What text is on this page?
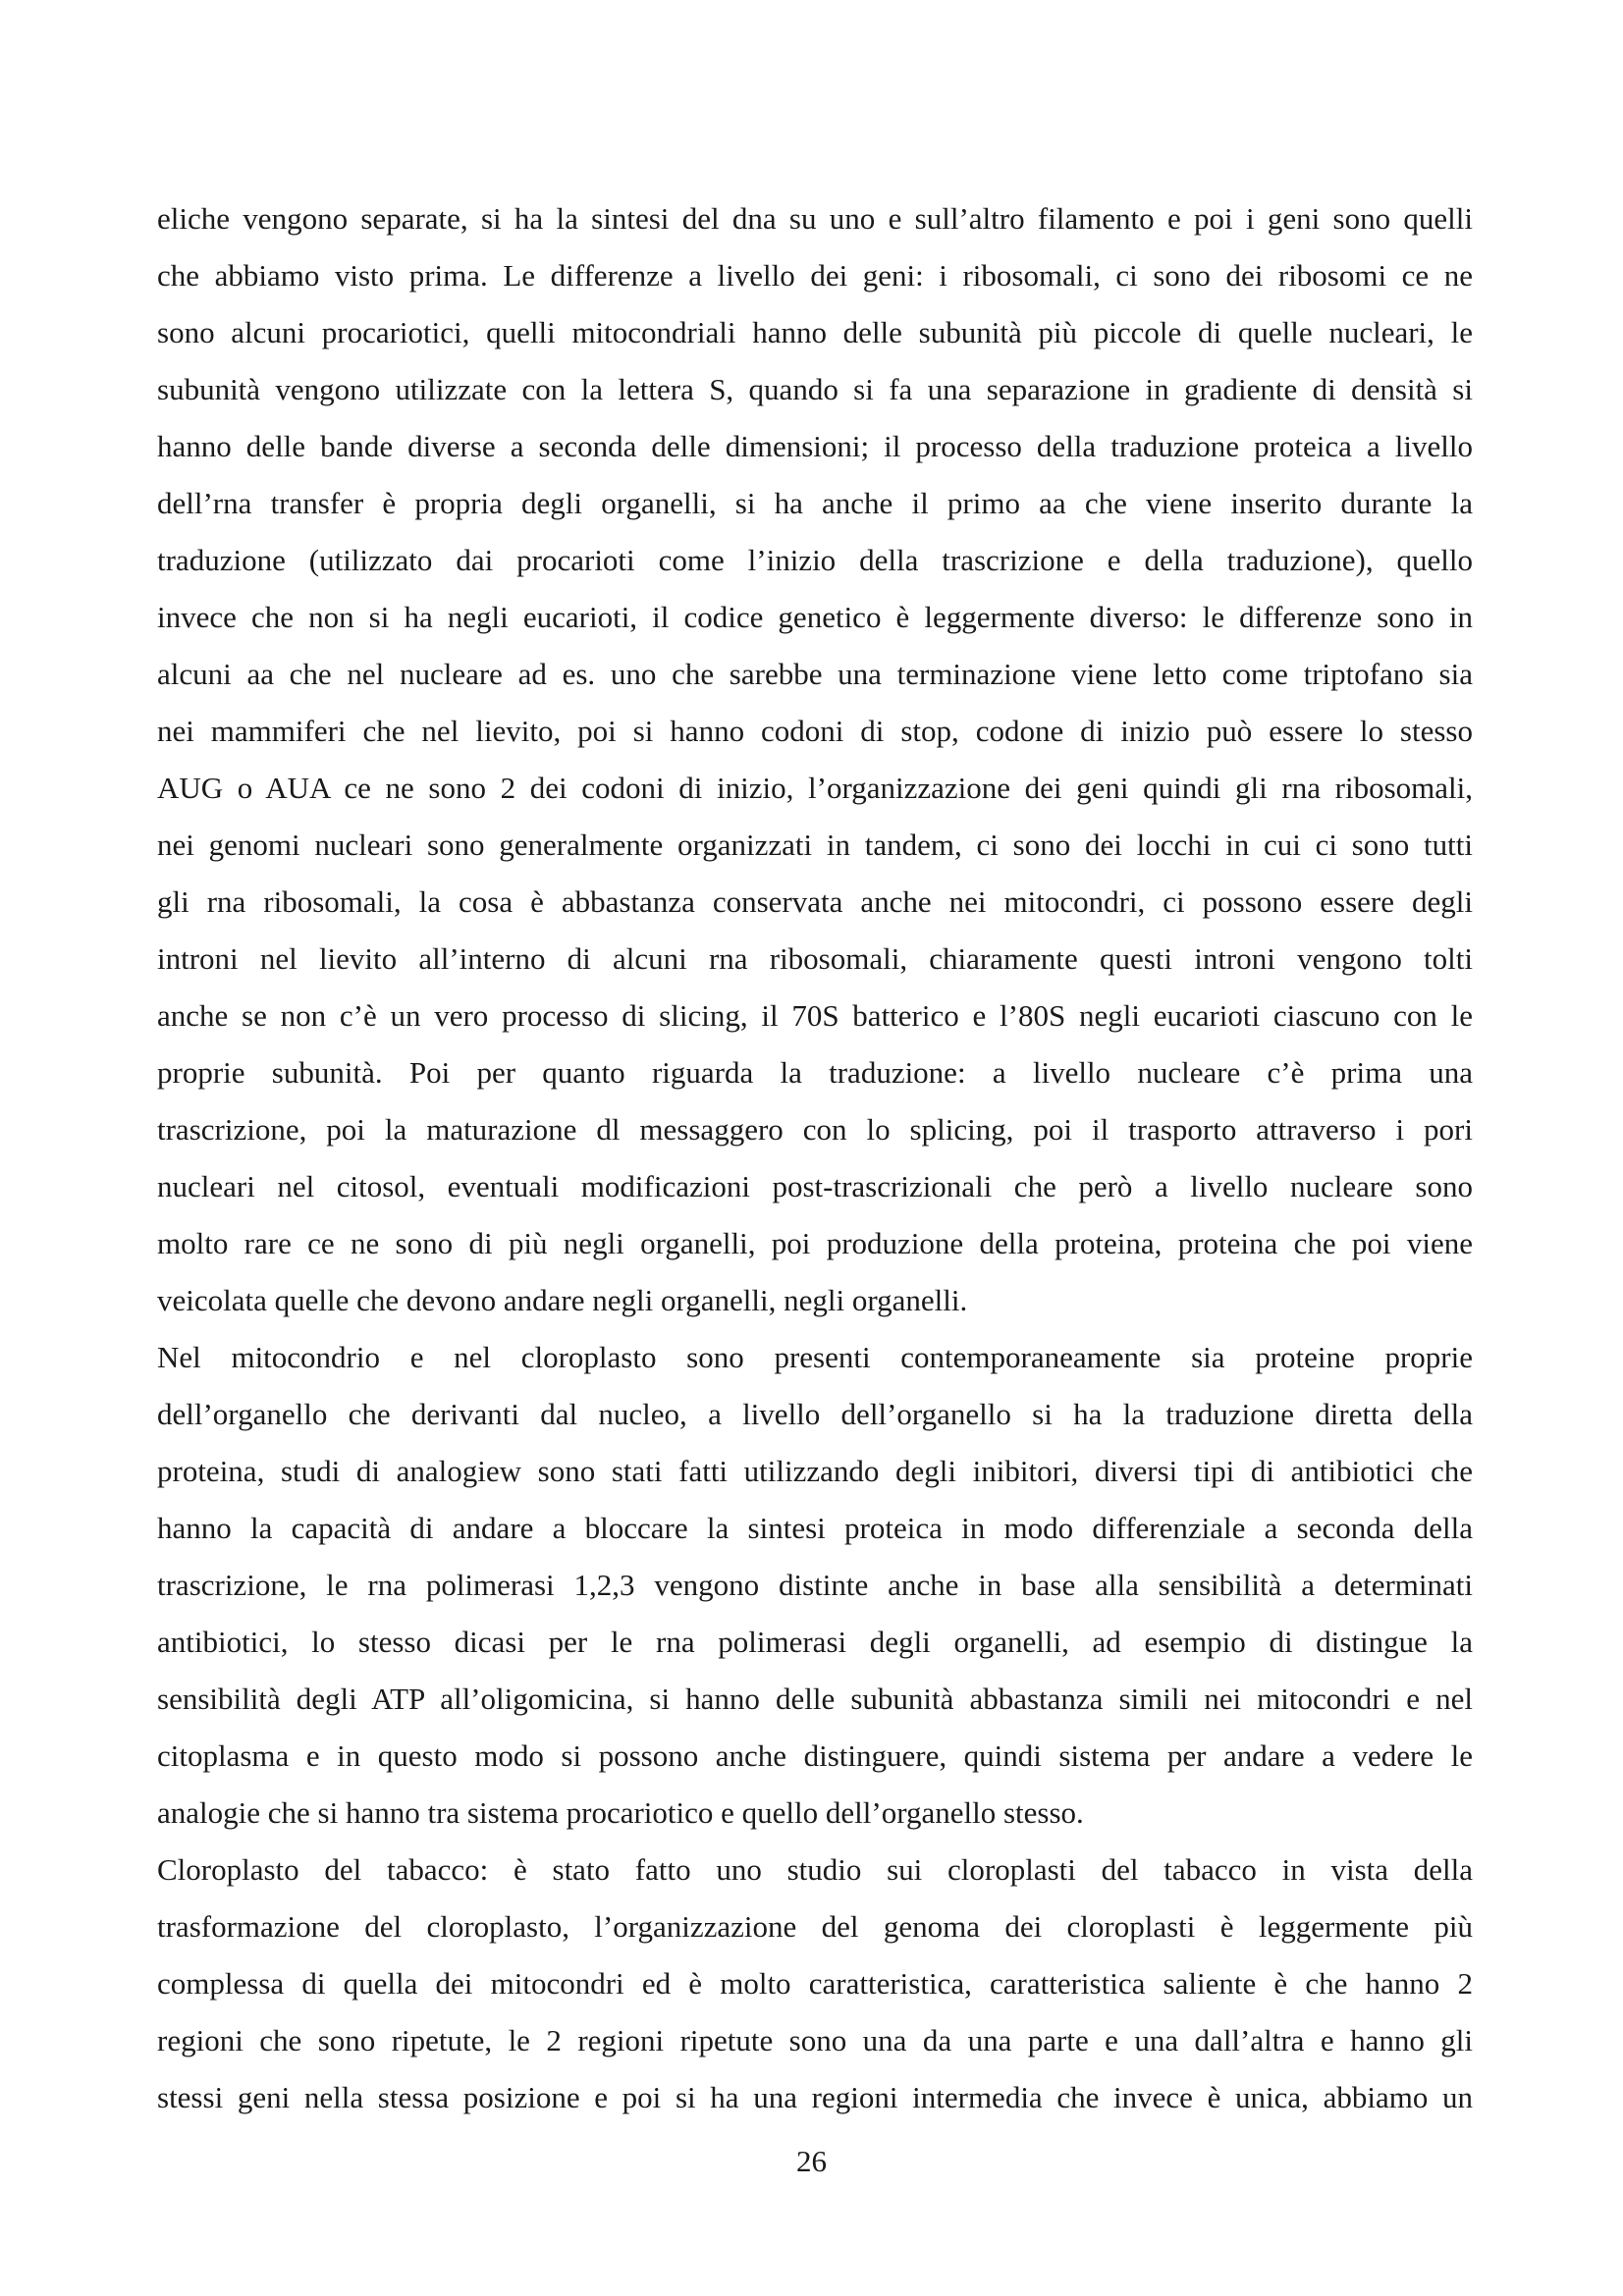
eliche vengono separate, si ha la sintesi del dna su uno e sull’altro filamento e poi i geni sono quelli
che abbiamo visto prima. Le differenze a livello dei geni: i ribosomali, ci sono dei ribosomi ce ne
sono alcuni procariotici, quelli mitocondriali hanno delle subunità più piccole di quelle nucleari, le
subunità vengono utilizzate con la lettera S, quando si fa una separazione in gradiente di densità si
hanno delle bande diverse a seconda delle dimensioni; il processo della traduzione proteica a livello
dell’rna transfer è propria degli organelli, si ha anche il primo aa che viene inserito durante la
traduzione (utilizzato dai procarioti come l’inizio della trascrizione e della traduzione), quello
invece che non si ha negli eucarioti, il codice genetico è leggermente diverso: le differenze sono in
alcuni aa che nel nucleare ad es. uno che sarebbe una terminazione viene letto come triptofano sia
nei mammiferi che nel lievito, poi si hanno codoni di stop, codone di inizio può essere lo stesso
AUG o AUA ce ne sono 2 dei codoni di inizio, l’organizzazione dei geni quindi gli rna ribosomali,
nei genomi nucleari sono generalmente organizzati in tandem, ci sono dei locchi in cui ci sono tutti
gli rna ribosomali, la cosa è abbastanza conservata anche nei mitocondri, ci possono essere degli
introni nel lievito all’interno di alcuni rna ribosomali, chiaramente questi introni vengono tolti
anche se non c’è un vero processo di slicing, il 70S batterico e l’80S negli eucarioti ciascuno con le
proprie subunità. Poi per quanto riguarda la traduzione: a livello nucleare c’è prima una
trascrizione, poi la maturazione dl messaggero con lo splicing, poi il trasporto attraverso i pori
nucleari nel citosol, eventuali modificazioni post-trascrizionali che però a livello nucleare sono
molto rare ce ne sono di più negli organelli, poi produzione della proteina, proteina che poi viene
veicolata quelle che devono andare negli organelli, negli organelli.
Nel mitocondrio e nel cloroplasto sono presenti contemporaneamente sia proteine proprie
dell’organello che derivanti dal nucleo, a livello dell’organello si ha la traduzione diretta della
proteina, studi di analogiew sono stati fatti utilizzando degli inibitori, diversi tipi di antibiotici che
hanno la capacità di andare a bloccare la sintesi proteica in modo differenziale a seconda della
trascrizione, le rna polimerasi 1,2,3 vengono distinte anche in base alla sensibilità a determinati
antibiotici, lo stesso dicasi per le rna polimerasi degli organelli, ad esempio di distingue la
sensibilità degli ATP all’oligomicina, si hanno delle subunità abbastanza simili nei mitocondri e nel
citoplasma e in questo modo si possono anche distinguere, quindi sistema per andare a vedere le
analogie che si hanno tra sistema procariotico e quello dell’organello stesso.
Cloroplasto del tabacco: è stato fatto uno studio sui cloroplasti del tabacco in vista della
trasformazione del cloroplasto, l’organizzazione del genoma dei cloroplasti è leggermente più
complessa di quella dei mitocondri ed è molto caratteristica, caratteristica saliente è che hanno 2
regioni che sono ripetute, le 2 regioni ripetute sono una da una parte e una dall’altra e hanno gli
stessi geni nella stessa posizione e poi si ha una regioni intermedia che invece è unica, abbiamo un
26
